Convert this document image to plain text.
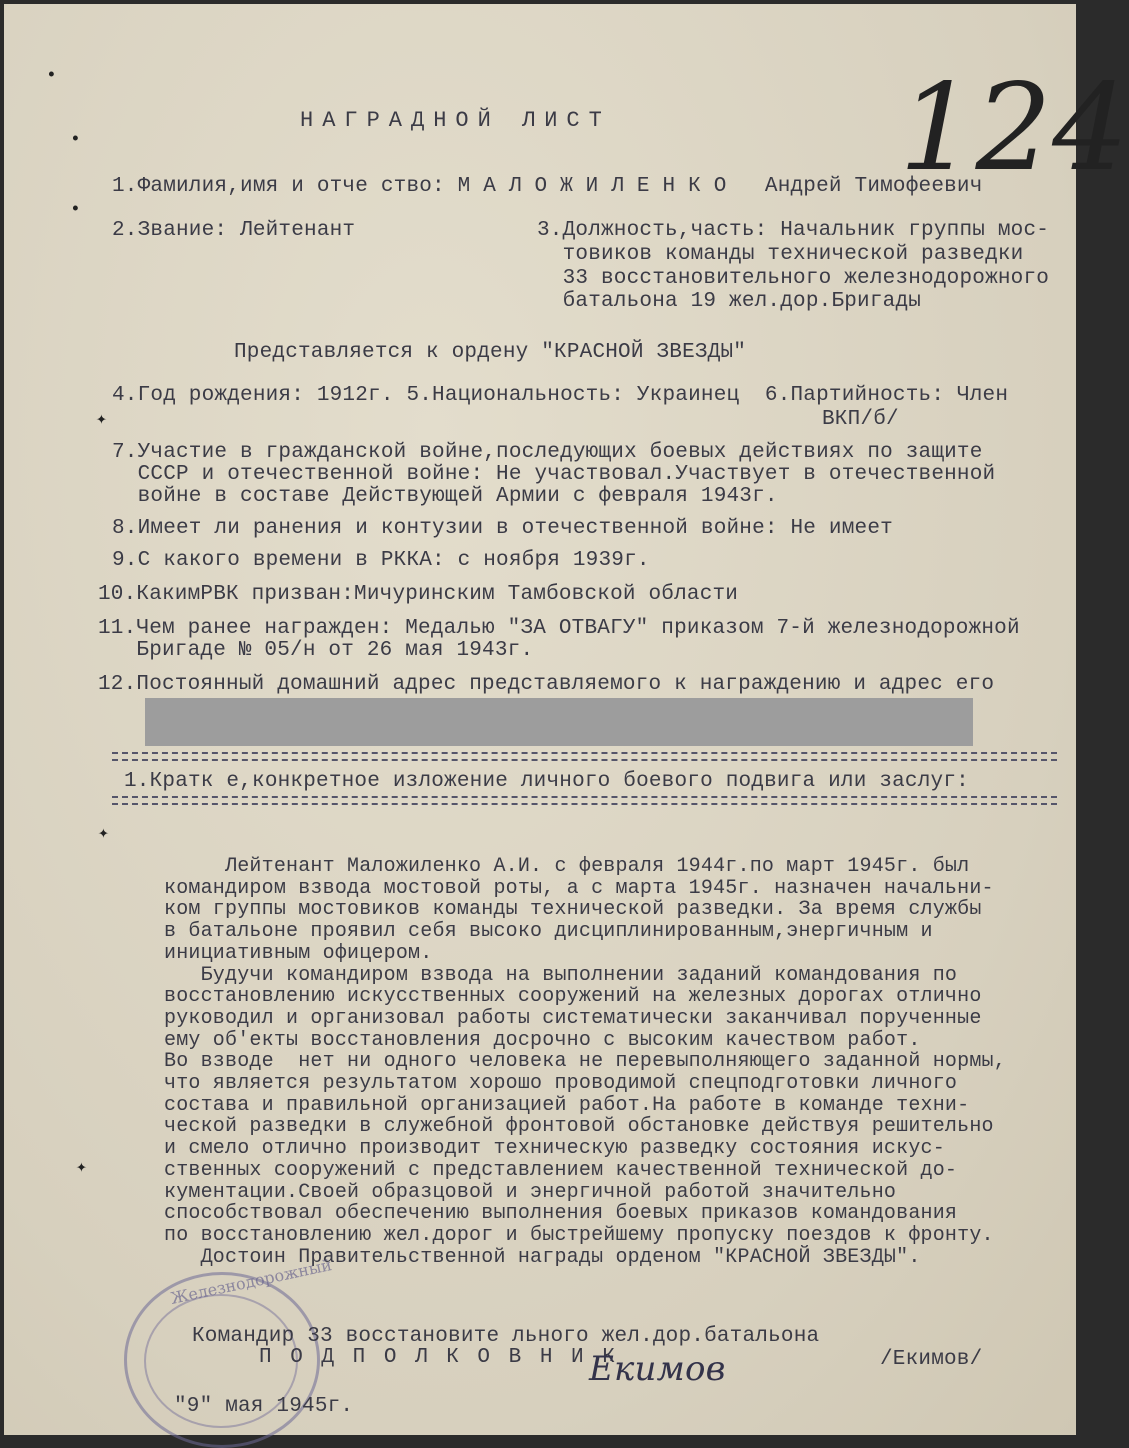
НАГРАДНОЙ ЛИСТ 124
1.Фамилия,имя и отче ство: М А Л О Ж И Л Е Н К О   Андрей Тимофеевич
2.Звание: Лейтенант	3.Должность,часть: Начальник группы мос-
товиков команды технической разведки
33 восстановительного железнодорожного
батальона 19 жел.дор.Бригады
Представляется к ордену "КРАСНОЙ ЗВЕЗДЫ"
4.Год рождения: 1912г. 5.Национальность: Украинец  6.Партийность: Член
ВКП/б/
7.Участие в гражданской войне,последующих боевых действиях по защите
СССР и отечественной войне: Не участвовал.Участвует в отечественной
войне в составе Действующей Армии с февраля 1943г.
8.Имеет ли ранения и контузии в отечественной войне: Не имеет
9.С какого времени в РККА: с ноября 1939г.
10.КакимРВК призван:Мичуринским Тамбовской области
11.Чем ранее награжден: Медалью "ЗА ОТВАГУ" приказом 7-й железнодорожной
Бригаде № 05/н от 26 мая 1943г.
12.Постоянный домашний адрес представляемого к награждению и адрес его
1.Кратк е,конкретное изложение личного боевого подвига или заслуг:
Лейтенант Маложиленко А.И. с февраля 1944г.по март 1945г. был
командиром взвода мостовой роты, а с марта 1945г. назначен начальни-
ком группы мостовиков команды технической разведки. За время службы
в батальоне проявил себя высоко дисциплинированным,энергичным и
инициативным офицером.
Будучи командиром взвода на выполнении заданий командования по
восстановлению искусственных сооружений на железных дорогах отлично
руководил и организовал работы систематически заканчивал порученные
ему об'екты восстановления досрочно с высоким качеством работ.
Во взводе  нет ни одного человека не перевыполняющего заданной нормы,
что является результатом хорошо проводимой спецподготовки личного
состава и правильной организацией работ.На работе в команде техни-
ческой разведки в служебной фронтовой обстановке действуя решительно
и смело отлично производит техническую разведку состояния искус-
ственных сооружений с представлением качественной технической до-
кументации.Своей образцовой и энергичной работой значительно
способствовал обеспечению выполнения боевых приказов командования
по восстановлению жел.дорог и быстрейшему пропуску поездов к фронту.
Достоин Правительственной награды орденом "КРАСНОЙ ЗВЕЗДЫ".
Железнодорожный
Командир 33 восстановите льного жел.дор.батальона
П О Д П О Л К О В Н И К	/Екимов/
Екимов
"9" мая 1945г.
•
•
•
✦
✦
✦
